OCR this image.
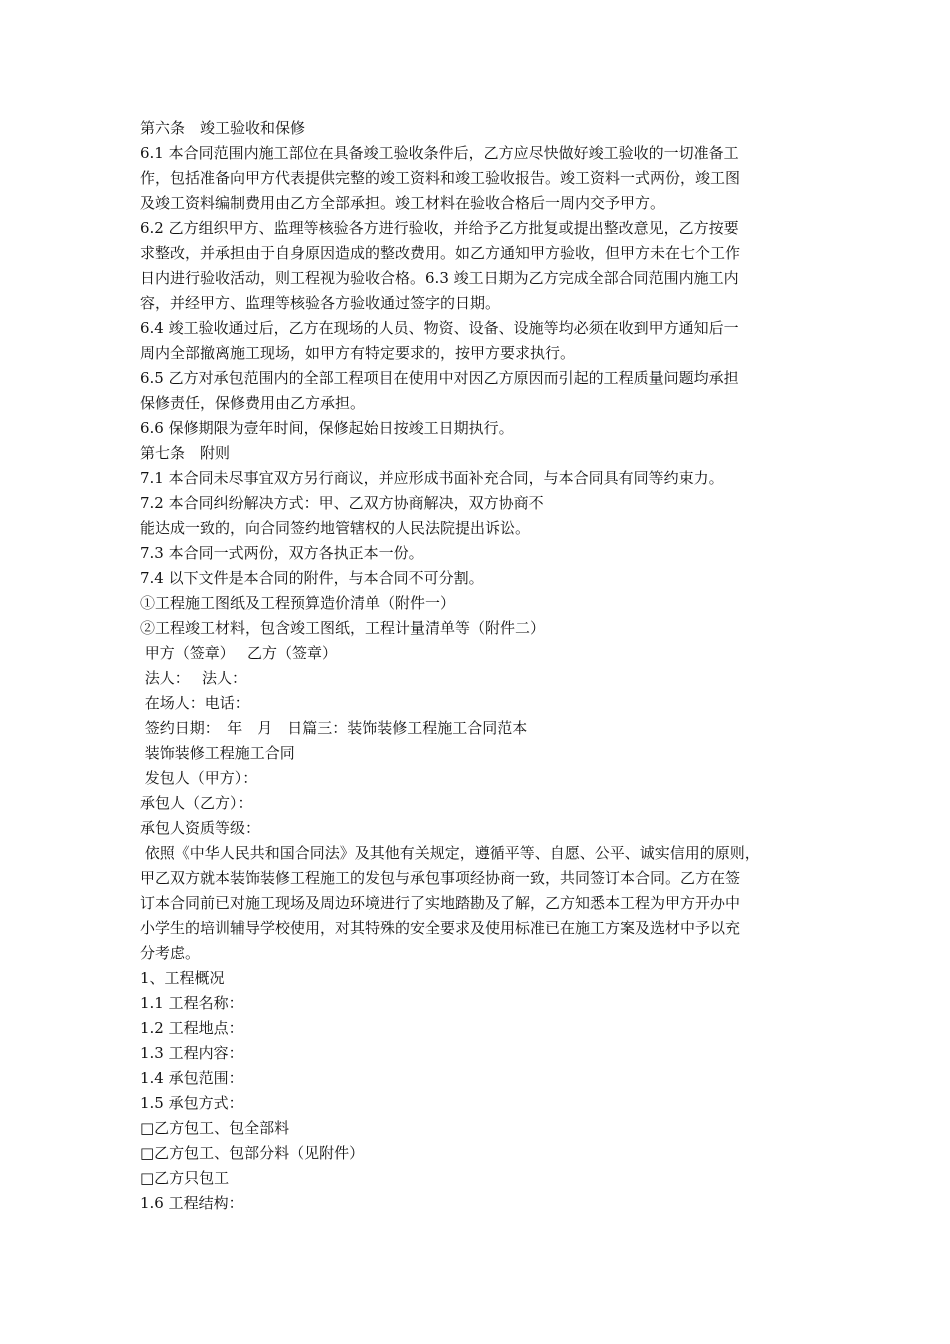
第六条　竣工验收和保修
6.1 本合同范围内施工部位在具备竣工验收条件后，乙方应尽快做好竣工验收的一切准备工
作，包括准备向甲方代表提供完整的竣工资料和竣工验收报告。竣工资料一式两份，竣工图
及竣工资料编制费用由乙方全部承担。竣工材料在验收合格后一周内交予甲方。
6.2 乙方组织甲方、监理等核验各方进行验收，并给予乙方批复或提出整改意见，乙方按要
求整改，并承担由于自身原因造成的整改费用。如乙方通知甲方验收，但甲方未在七个工作
日内进行验收活动，则工程视为验收合格。6.3 竣工日期为乙方完成全部合同范围内施工内
容，并经甲方、监理等核验各方验收通过签字的日期。
6.4 竣工验收通过后，乙方在现场的人员、物资、设备、设施等均必须在收到甲方通知后一
周内全部撤离施工现场，如甲方有特定要求的，按甲方要求执行。
6.5 乙方对承包范围内的全部工程项目在使用中对因乙方原因而引起的工程质量问题均承担
保修责任，保修费用由乙方承担。
6.6 保修期限为壹年时间，保修起始日按竣工日期执行。
第七条　附则
7.1 本合同未尽事宜双方另行商议，并应形成书面补充合同，与本合同具有同等约束力。
7.2 本合同纠纷解决方式：甲、乙双方协商解决，双方协商不
能达成一致的，向合同签约地管辖权的人民法院提出诉讼。
7.3 本合同一式两份，双方各执正本一份。
7.4 以下文件是本合同的附件，与本合同不可分割。
①工程施工图纸及工程预算造价清单（附件一）
②工程竣工材料，包含竣工图纸，工程计量清单等（附件二）
甲方（签章）　 乙方（签章）
法人：　 法人：
在场人：电话：
签约日期：　年　月　日篇三：装饰装修工程施工合同范本
装饰装修工程施工合同
发包人（甲方）：
承包人（乙方）：
承包人资质等级：
依照《中华人民共和国合同法》及其他有关规定，遵循平等、自愿、公平、诚实信用的原则，
甲乙双方就本装饰装修工程施工的发包与承包事项经协商一致，共同签订本合同。乙方在签
订本合同前已对施工现场及周边环境进行了实地踏勘及了解，乙方知悉本工程为甲方开办中
小学生的培训辅导学校使用，对其特殊的安全要求及使用标准已在施工方案及选材中予以充
分考虑。
1、工程概况
1.1 工程名称：
1.2 工程地点：
1.3 工程内容：
1.4 承包范围：
1.5 承包方式：
□乙方包工、包全部料
□乙方包工、包部分料（见附件）
□乙方只包工
1.6 工程结构：
